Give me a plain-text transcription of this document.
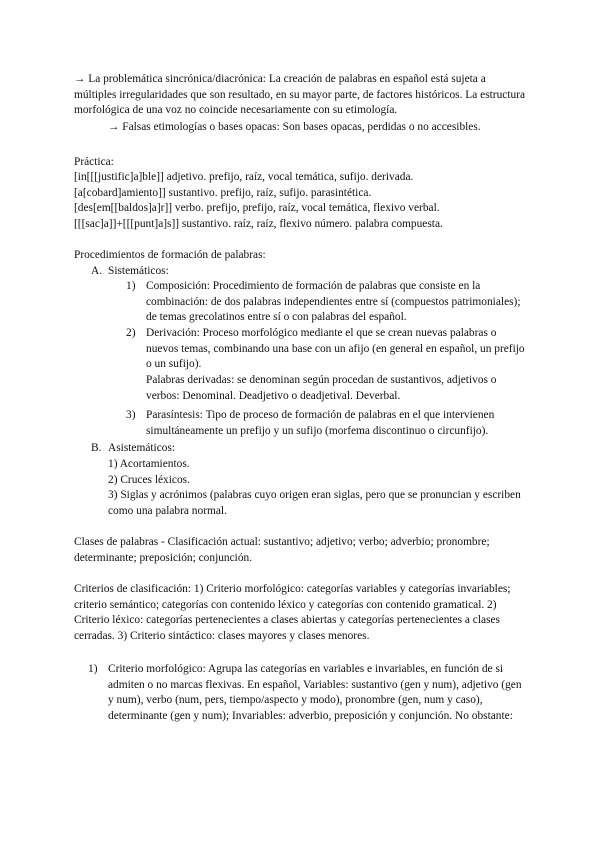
→ La problemática sincrónica/diacrónica: La creación de palabras en español está sujeta a múltiples irregularidades que son resultado, en su mayor parte, de factores históricos. La estructura morfológica de una voz no coincide necesariamente con su etimología.

→ Falsas etimologías o bases opacas: Son bases opacas, perdidas o no accesibles.

Práctica:

[in[[[justific]a]ble]] adjetivo. prefijo, raíz, vocal temática, sufijo. derivada.

[a[cobard]amiento]] sustantivo. prefijo, raíz, sufijo. parasintética.

[des[em[[baldos]a]r]] verbo. prefijo, prefijo, raíz, vocal temática, flexivo verbal.

[[[sac]a]]+[[[punt]a]s]] sustantivo. raíz, raíz, flexivo número. palabra compuesta.

Procedimientos de formación de palabras:

A. Sistemáticos:
1) Composición: Procedimiento de formación de palabras que consiste en la combinación: de dos palabras independientes entre sí (compuestos patrimoniales); de temas grecolatinos entre sí o con palabras del español.

2) Derivación: Proceso morfológico mediante el que se crean nuevas palabras o nuevos temas, combinando una base con un afijo (en general en español, un prefijo o un sufijo).

Palabras derivadas: se denominan según procedan de sustantivos, adjetivos o verbos: Denominal. Deadjetivo o deadjetival. Deverbal.

3) Parasíntesis: Tipo de proceso de formación de palabras en el que intervienen simultáneamente un prefijo y un sufijo (morfema discontinuo o circunfijo).

B. Asistemáticos:

1) Acortamientos.

2) Cruces léxicos.

3) Siglas y acrónimos (palabras cuyo origen eran siglas, pero que se pronuncian y escriben como una palabra normal.

Clases de palabras - Clasificación actual: sustantivo; adjetivo; verbo; adverbio; pronombre; determinante; preposición; conjunción.

Criterios de clasificación: 1) Criterio morfológico: categorías variables y categorías invariables; criterio semántico; categorías con contenido léxico y categorías con contenido gramatical. 2) Criterio léxico: categorías pertenecientes a clases abiertas y categorías pertenecientes a clases cerradas. 3) Criterio sintáctico: clases mayores y clases menores.

1) Criterio morfológico: Agrupa las categorías en variables e invariables, en función de si admiten o no marcas flexivas. En español, Variables: sustantivo (gen y num), adjetivo (gen y num), verbo (num, pers, tiempo/aspecto y modo), pronombre (gen, num y caso), determinante (gen y num); Invariables: adverbio, preposición y conjunción. No obstante:
